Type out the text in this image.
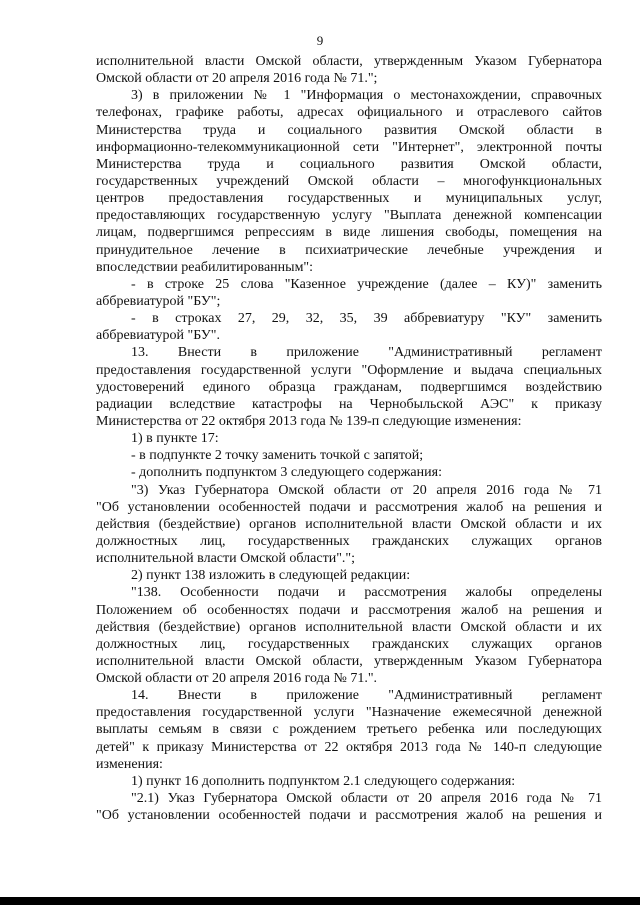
9
исполнительной власти Омской области, утвержденным Указом Губернатора
Омской области от 20 апреля 2016 года № 71.";
3) в приложении № 1 "Информация о местонахождении, справочных
телефонах, графике работы, адресах официального и отраслевого сайтов
Министерства труда и социального развития Омской области в
информационно-телекоммуникационной сети "Интернет", электронной почты
Министерства труда и социального развития Омской области,
государственных учреждений Омской области – многофункциональных
центров предоставления государственных и муниципальных услуг,
предоставляющих государственную услугу "Выплата денежной компенсации
лицам, подвергшимся репрессиям в виде лишения свободы, помещения на
принудительное лечение в психиатрические лечебные учреждения и
впоследствии реабилитированным":
- в строке 25 слова "Казенное учреждение (далее – КУ)" заменить
аббревиатурой "БУ";
- в строках 27, 29, 32, 35, 39 аббревиатуру "КУ" заменить
аббревиатурой "БУ".
13. Внести в приложение "Административный регламент
предоставления государственной услуги "Оформление и выдача специальных
удостоверений единого образца гражданам, подвергшимся воздействию
радиации вследствие катастрофы на Чернобыльской АЭС" к приказу
Министерства от 22 октября 2013 года № 139-п следующие изменения:
1) в пункте 17:
- в подпункте 2 точку заменить точкой с запятой;
- дополнить подпунктом 3 следующего содержания:
"3) Указ Губернатора Омской области от 20 апреля 2016 года № 71
"Об установлении особенностей подачи и рассмотрения жалоб на решения и
действия (бездействие) органов исполнительной власти Омской области и их
должностных лиц, государственных гражданских служащих органов
исполнительной власти Омской области".";
2) пункт 138 изложить в следующей редакции:
"138. Особенности подачи и рассмотрения жалобы определены
Положением об особенностях подачи и рассмотрения жалоб на решения и
действия (бездействие) органов исполнительной власти Омской области и их
должностных лиц, государственных гражданских служащих органов
исполнительной власти Омской области, утвержденным Указом Губернатора
Омской области от 20 апреля 2016 года № 71.".
14. Внести в приложение "Административный регламент
предоставления государственной услуги "Назначение ежемесячной денежной
выплаты семьям в связи с рождением третьего ребенка или последующих
детей" к приказу Министерства от 22 октября 2013 года № 140-п следующие
изменения:
1) пункт 16 дополнить подпунктом 2.1 следующего содержания:
"2.1) Указ Губернатора Омской области от 20 апреля 2016 года № 71
"Об установлении особенностей подачи и рассмотрения жалоб на решения и
